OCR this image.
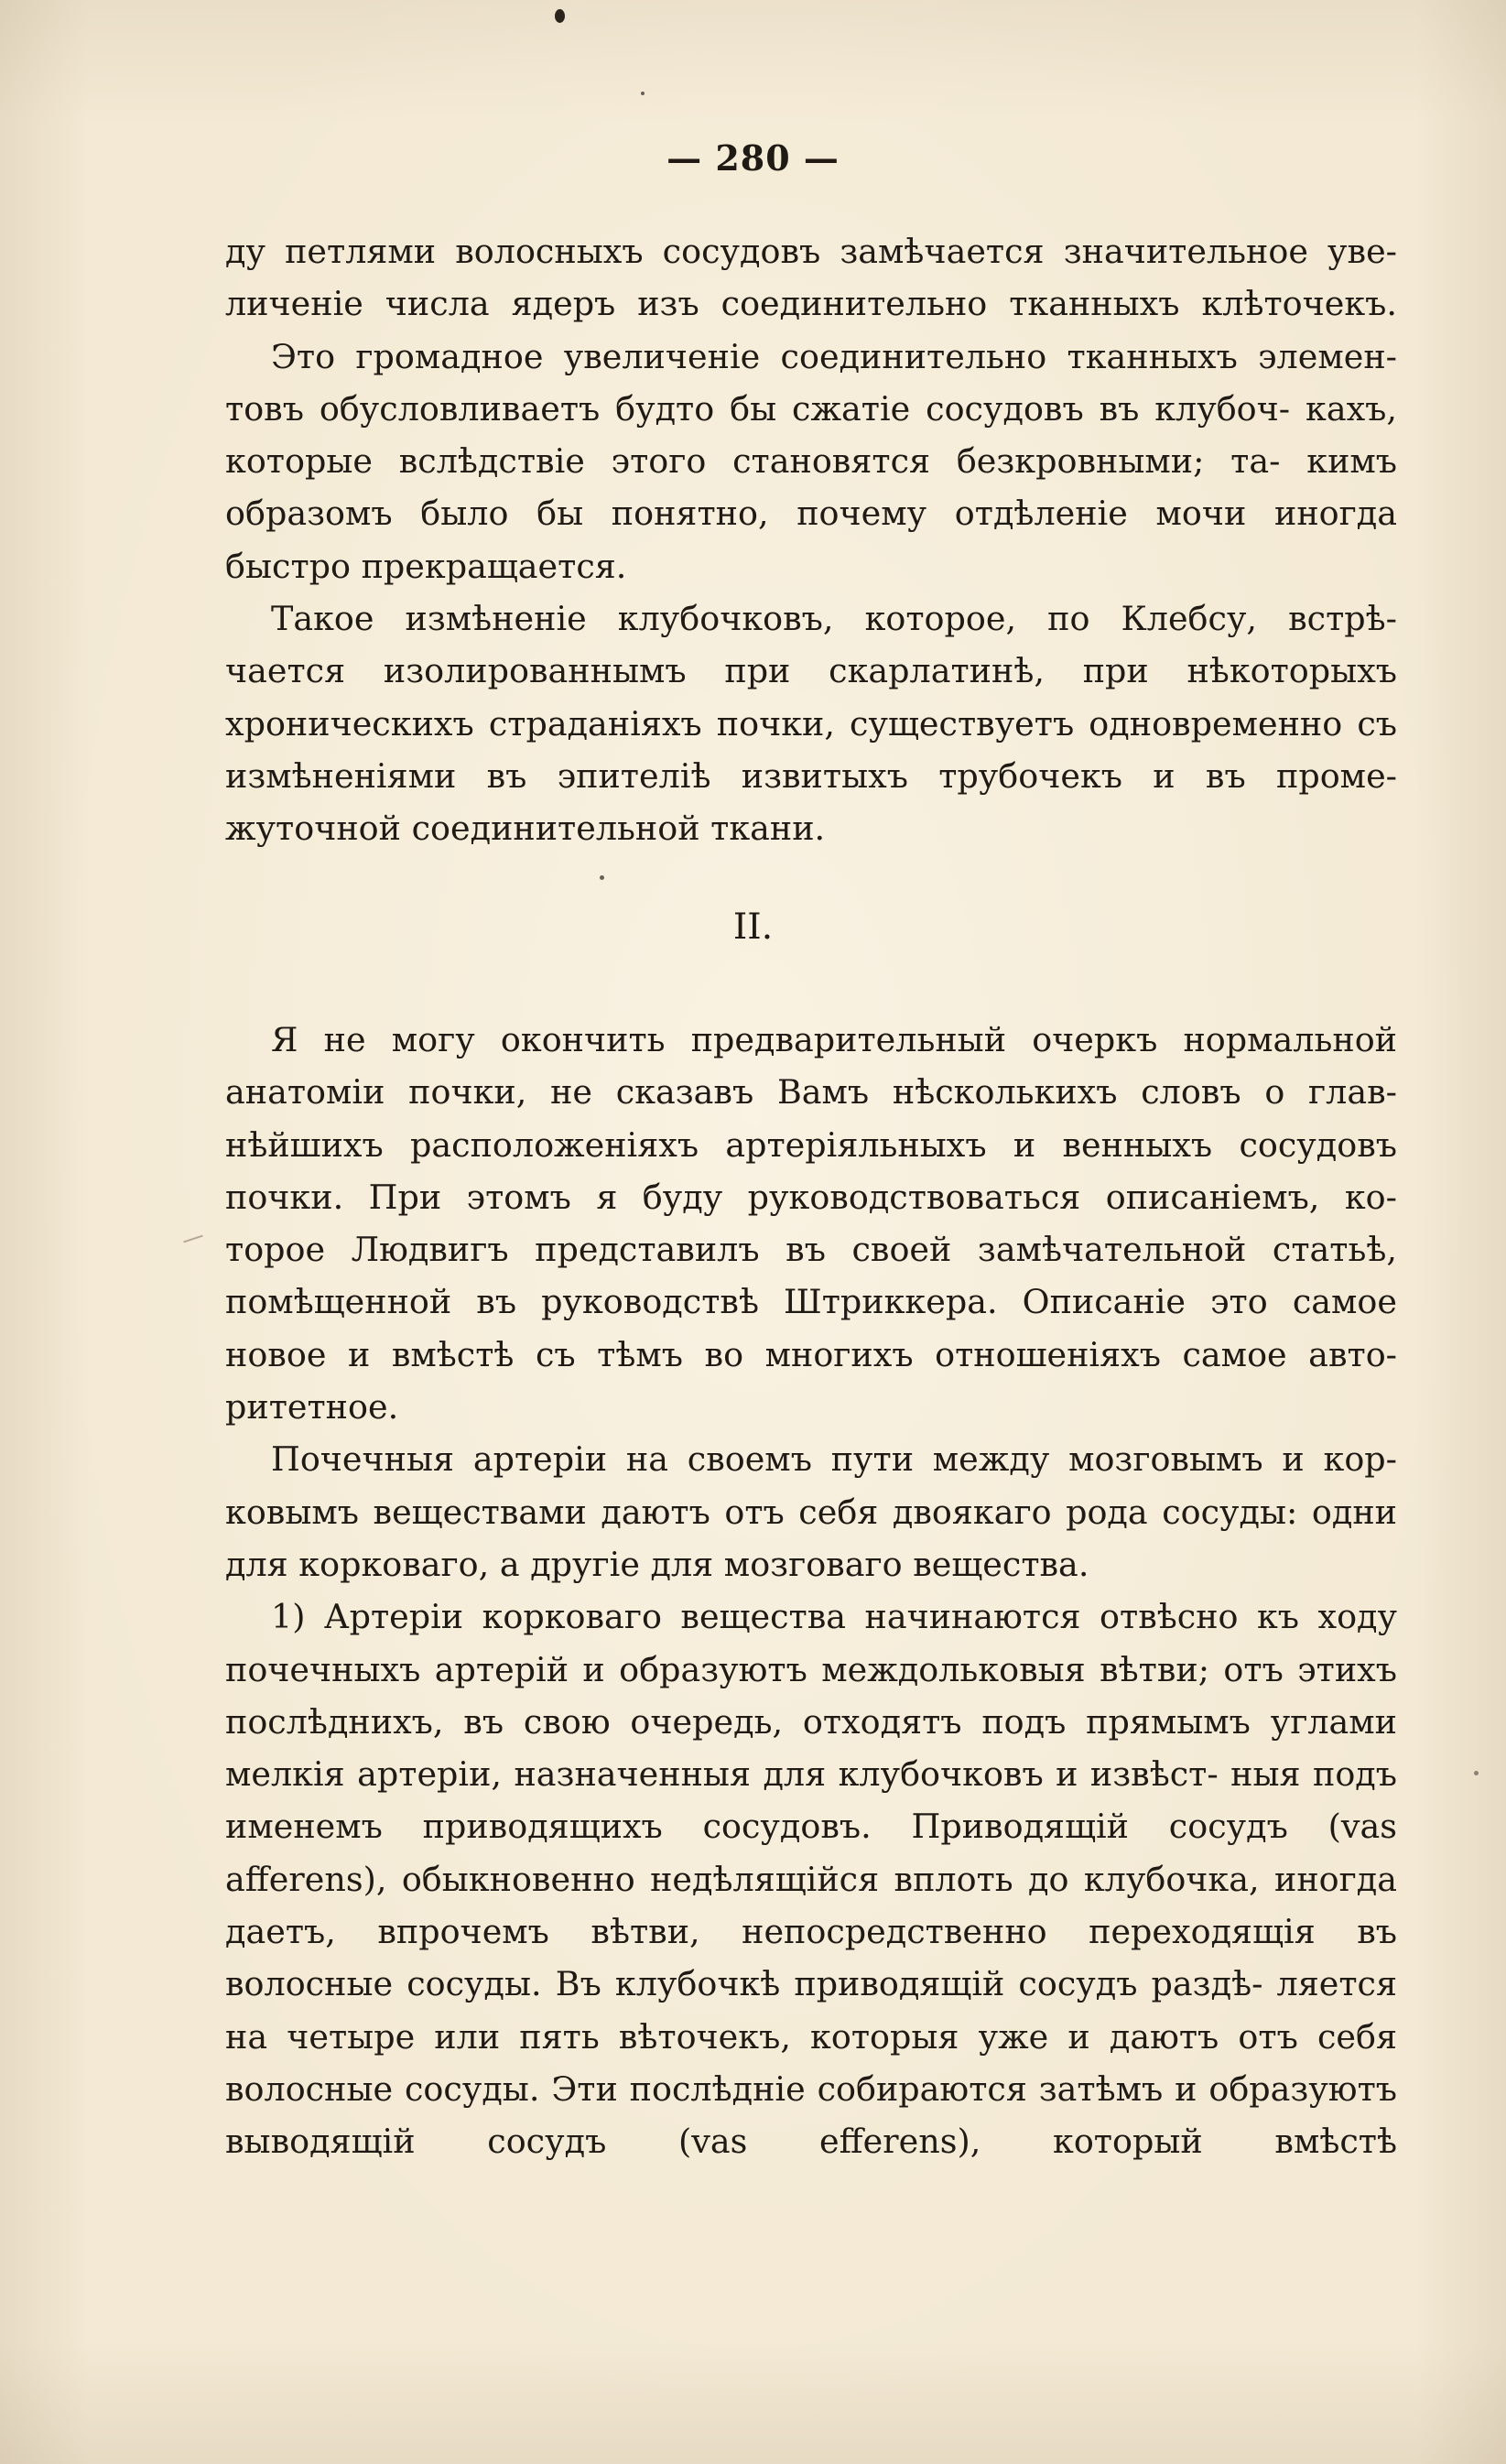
— 280 —

ду петлями волосныхъ сосудовъ замѣчается значительное уве- личенiе числа ядеръ изъ соединительно тканныхъ клѣточекъ.

Это громадное увеличенiе соединительно тканныхъ элемен- товъ обусловливаетъ будто бы сжатiе сосудовъ въ клубоч- кахъ, которые вслѣдствiе этого становятся безкровными; та- кимъ образомъ было бы понятно, почему отдѣленiе мочи иногда быстро прекращается.

Такое измѣненiе клубочковъ, которое, по Клебсу, встрѣ- чается изолированнымъ при скарлатинѣ, при нѣкоторыхъ хроническихъ страданiяхъ почки, существуетъ одновременно съ измѣненiями въ эпителiѣ извитыхъ трубочекъ и въ проме- жуточной соединительной ткани.

II.

Я не могу окончить предварительный очеркъ нормальной анатомiи почки, не сказавъ Вамъ нѣсколькихъ словъ о глав- нѣйшихъ расположенiяхъ артерiяльныхъ и венныхъ сосудовъ почки. При этомъ я буду руководствоваться описанiемъ, ко- торое Людвигъ представилъ въ своей замѣчательной статьѣ, помѣщенной въ руководствѣ Штриккера. Описанiе это самое новое и вмѣстѣ съ тѣмъ во многихъ отношенiяхъ самое авто- ритетное.

Почечныя артерiи на своемъ пути между мозговымъ и кор- ковымъ веществами даютъ отъ себя двоякаго рода сосуды: одни для корковаго, а другiе для мозговаго вещества.

1) Артерiи корковаго вещества начинаются отвѣсно къ ходу почечныхъ артерiй и образуютъ междольковыя вѣтви; отъ этихъ послѣднихъ, въ свою очередь, отходятъ подъ прямымъ углами мелкiя артерiи, назначенныя для клубочковъ и извѣст- ныя подъ именемъ приводящихъ сосудовъ. Приводящiй сосудъ (vas afferens), обыкновенно недѣлящiйся вплоть до клубочка, иногда даетъ, впрочемъ вѣтви, непосредственно переходящiя въ волосные сосуды. Въ клубочкѣ приводящiй сосудъ раздѣ- ляется на четыре или пять вѣточекъ, которыя уже и даютъ отъ себя волосные сосуды. Эти послѣднiе собираются затѣмъ и образуютъ выводящiй сосудъ (vas efferens), который вмѣстѣ
